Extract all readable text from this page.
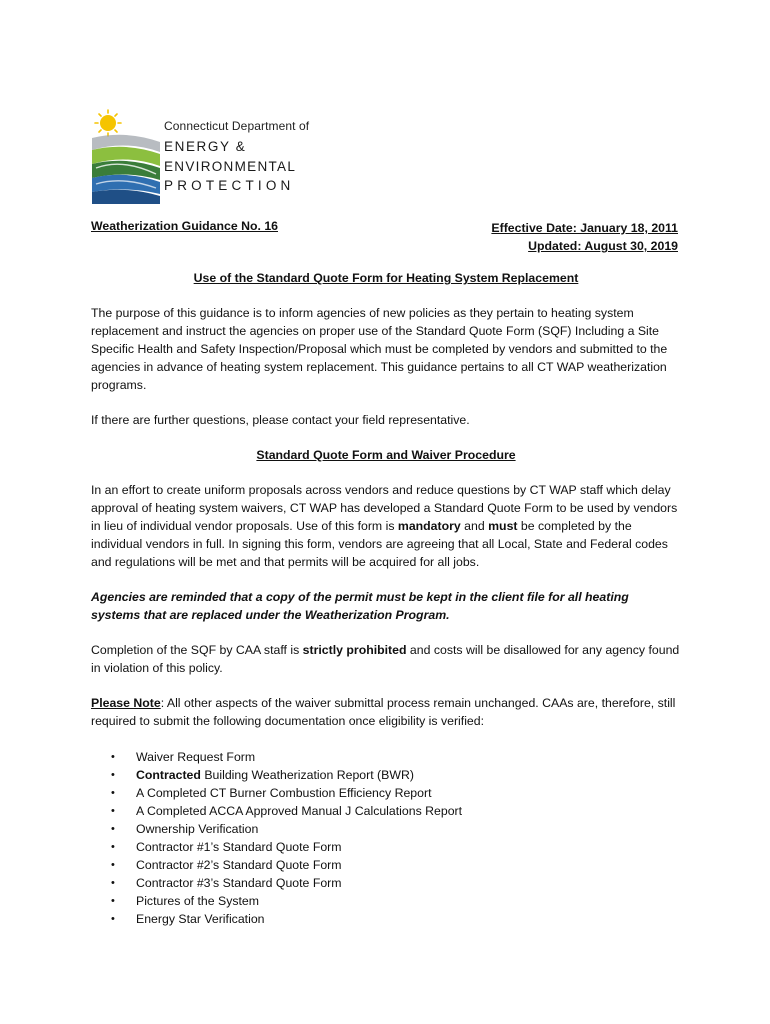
Connecticut Department of
ENERGY &
ENVIRONMENTAL
PROTECTION
Weatherization Guidance No. 16	Effective Date: January 18, 2011
Updated: August 30, 2019
Use of the Standard Quote Form for Heating System Replacement

The purpose of this guidance is to inform agencies of new policies as they pertain to heating system replacement and instruct the agencies on proper use of the Standard Quote Form (SQF) Including a Site Specific Health and Safety Inspection/Proposal which must be completed by vendors and submitted to the agencies in advance of heating system replacement. This guidance pertains to all CT WAP weatherization programs.

If there are further questions, please contact your field representative.

Standard Quote Form and Waiver Procedure

In an effort to create uniform proposals across vendors and reduce questions by CT WAP staff which delay approval of heating system waivers, CT WAP has developed a Standard Quote Form to be used by vendors in lieu of individual vendor proposals. Use of this form is mandatory and must be completed by the individual vendors in full. In signing this form, vendors are agreeing that all Local, State and Federal codes and regulations will be met and that permits will be acquired for all jobs.

Agencies are reminded that a copy of the permit must be kept in the client file for all heating systems that are replaced under the Weatherization Program.

Completion of the SQF by CAA staff is strictly prohibited and costs will be disallowed for any agency found in violation of this policy.

Please Note: All other aspects of the waiver submittal process remain unchanged. CAAs are, therefore, still required to submit the following documentation once eligibility is verified:

• Waiver Request Form
• Contracted Building Weatherization Report (BWR)
• A Completed CT Burner Combustion Efficiency Report
• A Completed ACCA Approved Manual J Calculations Report
• Ownership Verification
• Contractor #1’s Standard Quote Form
• Contractor #2’s Standard Quote Form
• Contractor #3’s Standard Quote Form
• Pictures of the System
• Energy Star Verification
